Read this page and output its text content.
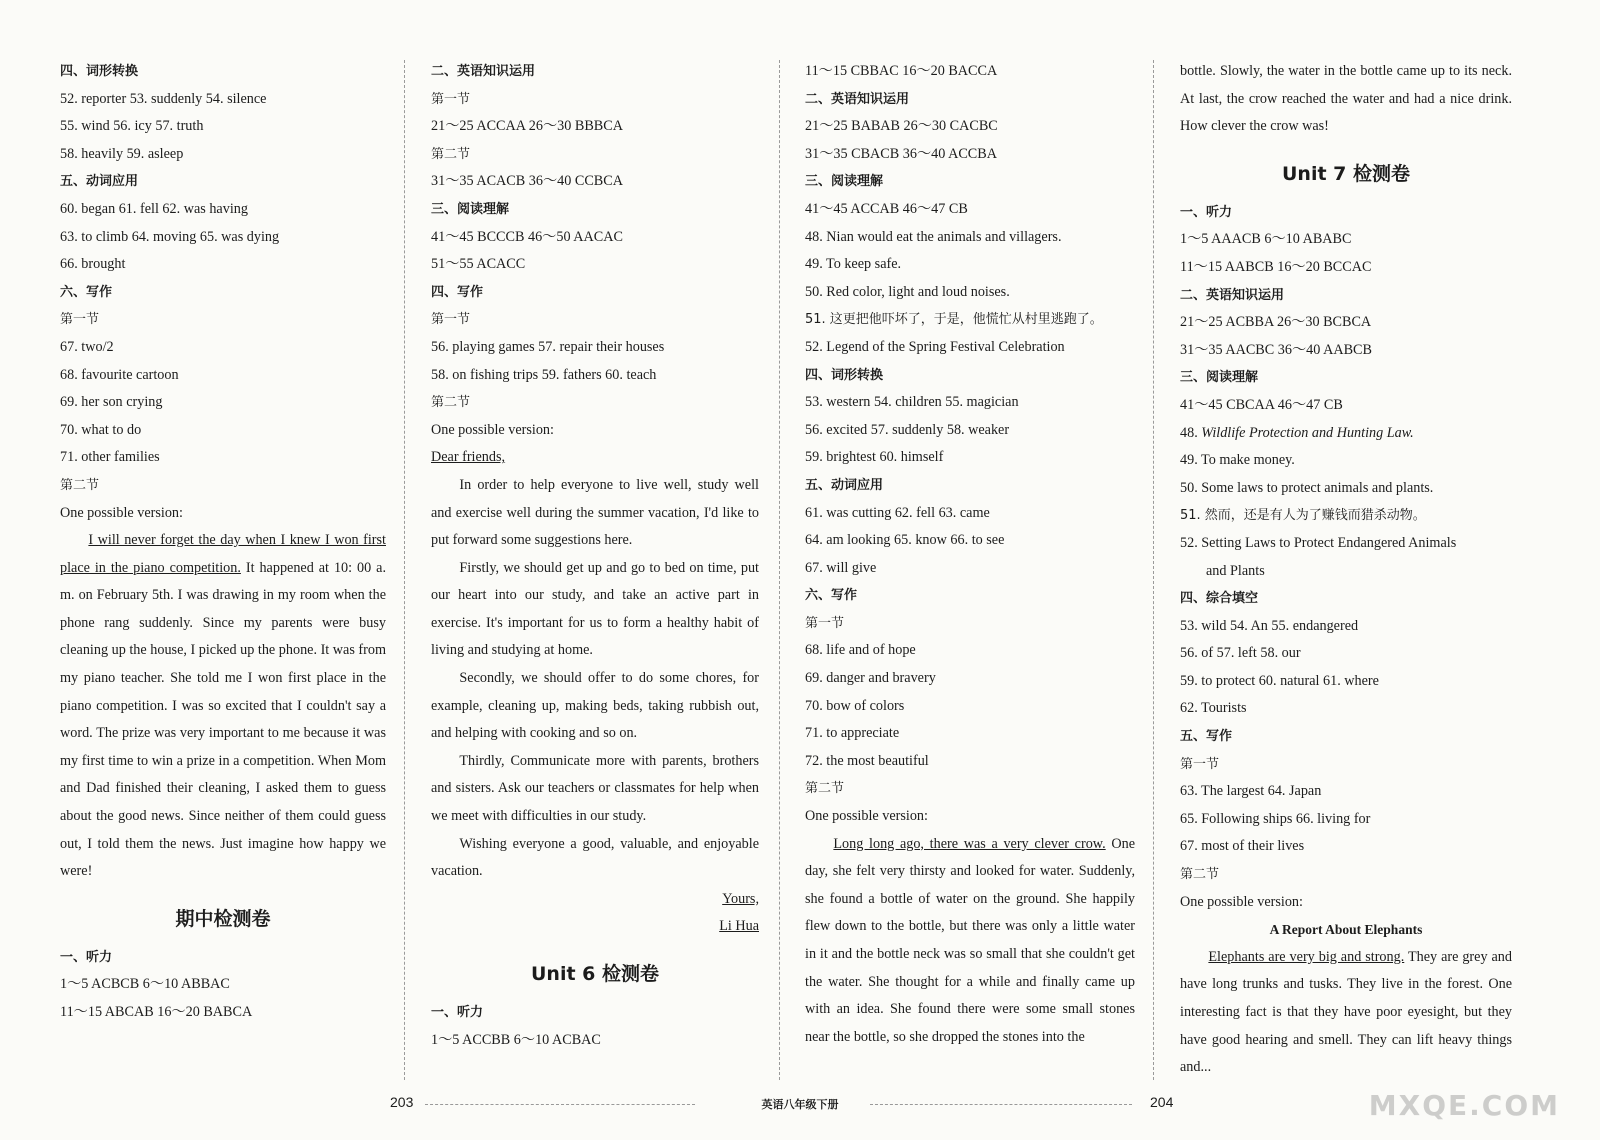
四、词形转换
52. reporter 53. suddenly 54. silence
55. wind 56. icy 57. truth
58. heavily 59. asleep
五、动词应用
60. began 61. fell 62. was having
63. to climb 64. moving 65. was dying
66. brought
六、写作
第一节
67. two/2
68. favourite cartoon
69. her son crying
70. what to do
71. other families
第二节
One possible version:

I will never forget the day when I knew I won first place in the piano competition. It happened at 10: 00 a. m. on February 5th. I was drawing in my room when the phone rang suddenly. Since my parents were busy cleaning up the house, I picked up the phone. It was from my piano teacher. She told me I won first place in the piano competition. I was so excited that I couldn't say a word. The prize was very important to me because it was my first time to win a prize in a competition. When Mom and Dad finished their cleaning, I asked them to guess about the good news. Since neither of them could guess out, I told them the news. Just imagine how happy we were!

期中检测卷
一、听力
1～5 ACBCB 6～10 ABBAC
11～15 ABCAB 16～20 BABCA
二、英语知识运用
第一节
21～25 ACCAA 26～30 BBBCA
第二节
31～35 ACACB 36～40 CCBCA
三、阅读理解
41～45 BCCCB 46～50 AACAC
51～55 ACACC
四、写作
第一节
56. playing games 57. repair their houses
58. on fishing trips 59. fathers 60. teach
第二节
One possible version:
Dear friends,

In order to help everyone to live well, study well and exercise well during the summer vacation, I'd like to put forward some suggestions here.

Firstly, we should get up and go to bed on time, put our heart into our study, and take an active part in exercise. It's important for us to form a healthy habit of living and studying at home.

Secondly, we should offer to do some chores, for example, cleaning up, making beds, taking rubbish out, and helping with cooking and so on.

Thirdly, Communicate more with parents, brothers and sisters. Ask our teachers or classmates for help when we meet with difficulties in our study.

Wishing everyone a good, valuable, and enjoyable vacation.

Yours,
Li Hua
Unit 6 检测卷
一、听力
1～5 ACCBB 6～10 ACBAC
11～15 CBBAC 16～20 BACCA
二、英语知识运用
21～25 BABAB 26～30 CACBC
31～35 CBACB 36～40 ACCBA
三、阅读理解
41～45 ACCAB 46～47 CB
48. Nian would eat the animals and villagers.
49. To keep safe.
50. Red color, light and loud noises.
51. 这更把他吓坏了，于是，他慌忙从村里逃跑了。
52. Legend of the Spring Festival Celebration
四、词形转换
53. western 54. children 55. magician
56. excited 57. suddenly 58. weaker
59. brightest 60. himself
五、动词应用
61. was cutting 62. fell 63. came
64. am looking 65. know 66. to see
67. will give
六、写作
第一节
68. life and of hope
69. danger and bravery
70. bow of colors
71. to appreciate
72. the most beautiful
第二节
One possible version:

Long long ago, there was a very clever crow. One day, she felt very thirsty and looked for water. Suddenly, she found a bottle of water on the ground. She happily flew down to the bottle, but there was only a little water in it and the bottle neck was so small that she couldn't get the water. She thought for a while and finally came up with an idea. She found there were some small stones near the bottle, so she dropped the stones into the

bottle. Slowly, the water in the bottle came up to its neck. At last, the crow reached the water and had a nice drink. How clever the crow was!

Unit 7 检测卷
一、听力
1～5 AAACB 6～10 ABABC
11～15 AABCB 16～20 BCCAC
二、英语知识运用
21～25 ACBBA 26～30 BCBCA
31～35 AACBC 36～40 AABCB
三、阅读理解
41～45 CBCAA 46～47 CB
48. Wildlife Protection and Hunting Law.
49. To make money.
50. Some laws to protect animals and plants.
51. 然而，还是有人为了赚钱而猎杀动物。
52. Setting Laws to Protect Endangered Animals
and Plants
四、综合填空
53. wild 54. An 55. endangered
56. of 57. left 58. our
59. to protect 60. natural 61. where
62. Tourists
五、写作
第一节
63. The largest 64. Japan
65. Following ships 66. living for
67. most of their lives
第二节
One possible version:
A Report About Elephants

Elephants are very big and strong. They are grey and have long trunks and tusks. They live in the forest. One interesting fact is that they have poor eyesight, but they have good hearing and smell. They can lift heavy things and...

203	英语八年级下册	204	MXQE.COM
